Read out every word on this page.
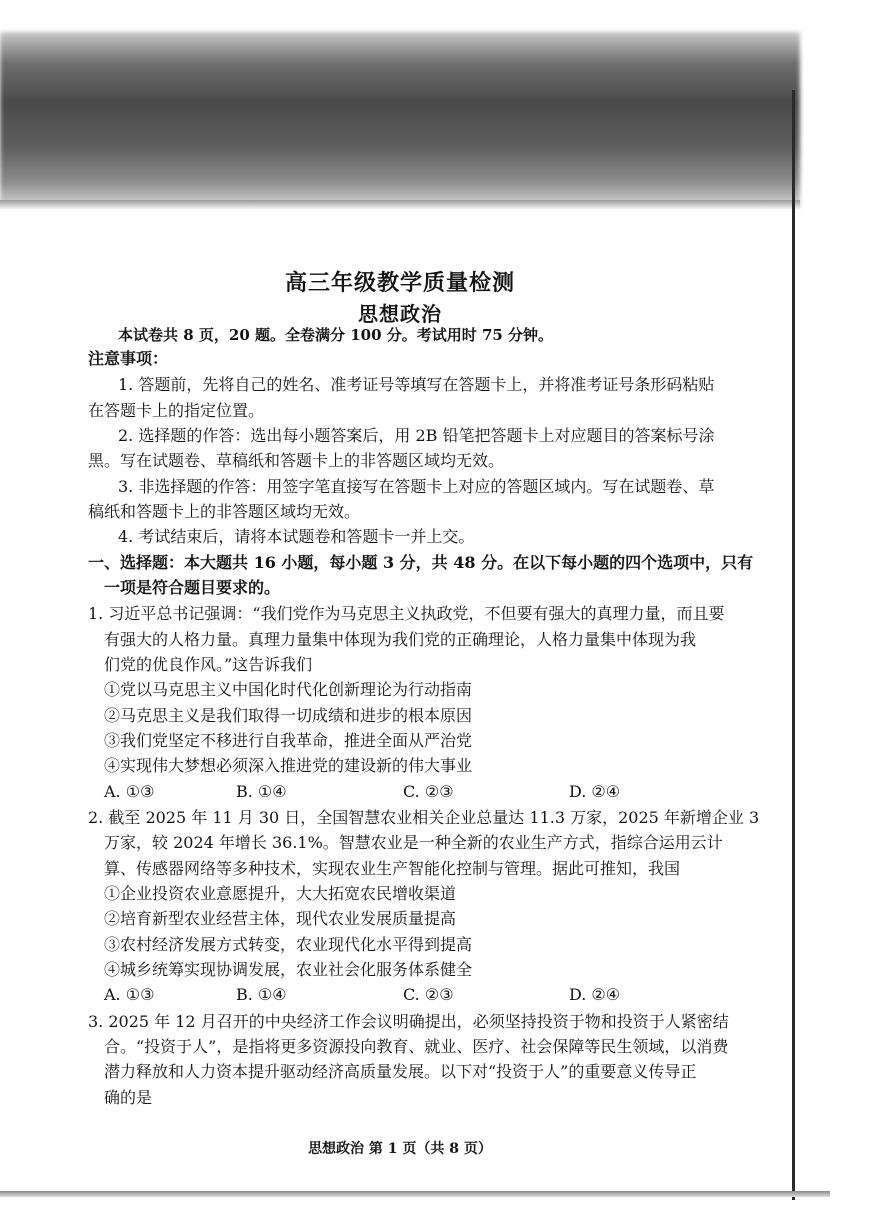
高三年级教学质量检测
思想政治
本试卷共 8 页，20 题。全卷满分 100 分。考试用时 75 分钟。
注意事项：
1. 答题前，先将自己的姓名、准考证号等填写在答题卡上，并将准考证号条形码粘贴
在答题卡上的指定位置。
2. 选择题的作答：选出每小题答案后，用 2B 铅笔把答题卡上对应题目的答案标号涂
黑。写在试题卷、草稿纸和答题卡上的非答题区域均无效。
3. 非选择题的作答：用签字笔直接写在答题卡上对应的答题区域内。写在试题卷、草
稿纸和答题卡上的非答题区域均无效。
4. 考试结束后，请将本试题卷和答题卡一并上交。
一、选择题：本大题共 16 小题，每小题 3 分，共 48 分。在以下每小题的四个选项中，只有
一项是符合题目要求的。
1. 习近平总书记强调：“我们党作为马克思主义执政党，不但要有强大的真理力量，而且要
有强大的人格力量。真理力量集中体现为我们党的正确理论，人格力量集中体现为我
们党的优良作风。”这告诉我们
①党以马克思主义中国化时代化创新理论为行动指南
②马克思主义是我们取得一切成绩和进步的根本原因
③我们党坚定不移进行自我革命，推进全面从严治党
④实现伟大梦想必须深入推进党的建设新的伟大事业
A. ①③	B. ①④	C. ②③	D. ②④
2. 截至 2025 年 11 月 30 日，全国智慧农业相关企业总量达 11.3 万家，2025 年新增企业 3
万家，较 2024 年增长 36.1%。智慧农业是一种全新的农业生产方式，指综合运用云计
算、传感器网络等多种技术，实现农业生产智能化控制与管理。据此可推知，我国
①企业投资农业意愿提升，大大拓宽农民增收渠道
②培育新型农业经营主体，现代农业发展质量提高
③农村经济发展方式转变，农业现代化水平得到提高
④城乡统筹实现协调发展，农业社会化服务体系健全
A. ①③	B. ①④	C. ②③	D. ②④
3. 2025 年 12 月召开的中央经济工作会议明确提出，必须坚持投资于物和投资于人紧密结
合。“投资于人”，是指将更多资源投向教育、就业、医疗、社会保障等民生领域，以消费
潜力释放和人力资本提升驱动经济高质量发展。以下对“投资于人”的重要意义传导正
确的是
思想政治 第 1 页（共 8 页）
